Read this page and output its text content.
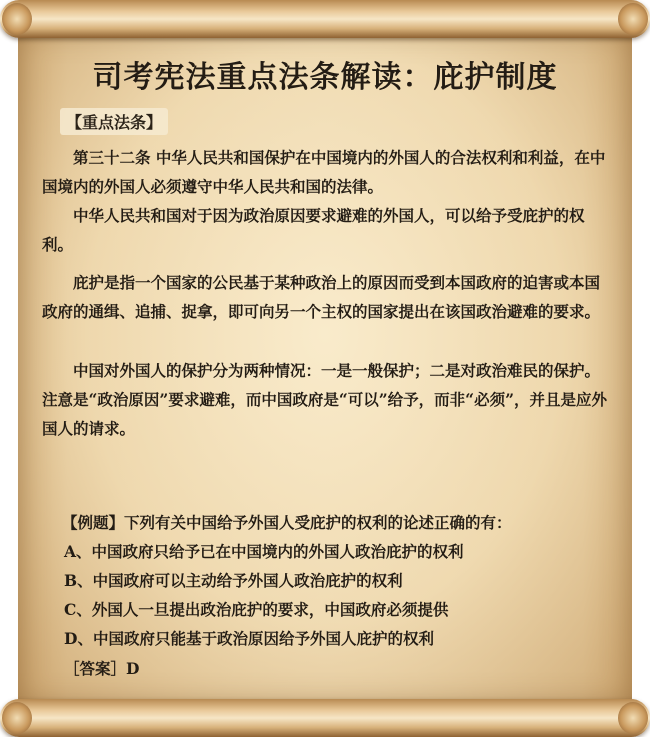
司考宪法重点法条解读：庇护制度
【重点法条】

第三十二条 中华人民共和国保护在中国境内的外国人的合法权利和利益，在中国境内的外国人必须遵守中华人民共和国的法律。

中华人民共和国对于因为政治原因要求避难的外国人，可以给予受庇护的权利。

庇护是指一个国家的公民基于某种政治上的原因而受到本国政府的迫害或本国政府的通缉、追捕、捉拿，即可向另一个主权的国家提出在该国政治避难的要求。

中国对外国人的保护分为两种情况：一是一般保护；二是对政治难民的保护。注意是“政治原因”要求避难，而中国政府是“可以”给予，而非“必须”，并且是应外国人的请求。

【例题】下列有关中国给予外国人受庇护的权利的论述正确的有：
A、中国政府只给予已在中国境内的外国人政治庇护的权利
B、中国政府可以主动给予外国人政治庇护的权利
C、外国人一旦提出政治庇护的要求，中国政府必须提供
D、中国政府只能基于政治原因给予外国人庇护的权利
［答案］D
